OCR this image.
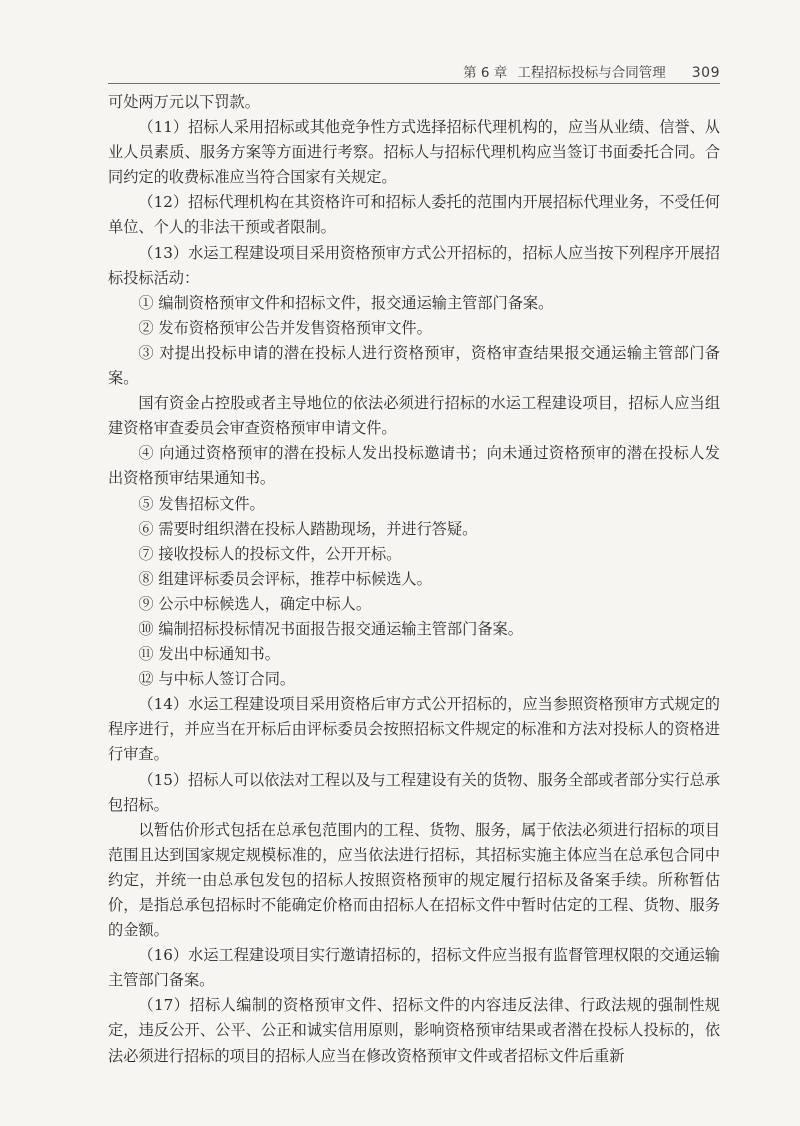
第 6 章 工程招标投标与合同管理 309

可处两万元以下罚款。

（11）招标人采用招标或其他竞争性方式选择招标代理机构的，应当从业绩、信誉、从业人员素质、服务方案等方面进行考察。招标人与招标代理机构应当签订书面委托合同。合同约定的收费标准应当符合国家有关规定。

（12）招标代理机构在其资格许可和招标人委托的范围内开展招标代理业务，不受任何单位、个人的非法干预或者限制。

（13）水运工程建设项目采用资格预审方式公开招标的，招标人应当按下列程序开展招标投标活动：

① 编制资格预审文件和招标文件，报交通运输主管部门备案。

② 发布资格预审公告并发售资格预审文件。

③ 对提出投标申请的潜在投标人进行资格预审，资格审查结果报交通运输主管部门备案。

国有资金占控股或者主导地位的依法必须进行招标的水运工程建设项目，招标人应当组建资格审查委员会审查资格预审申请文件。

④ 向通过资格预审的潜在投标人发出投标邀请书；向未通过资格预审的潜在投标人发出资格预审结果通知书。

⑤ 发售招标文件。

⑥ 需要时组织潜在投标人踏勘现场，并进行答疑。

⑦ 接收投标人的投标文件，公开开标。

⑧ 组建评标委员会评标，推荐中标候选人。

⑨ 公示中标候选人，确定中标人。

⑩ 编制招标投标情况书面报告报交通运输主管部门备案。

⑪ 发出中标通知书。

⑫ 与中标人签订合同。

（14）水运工程建设项目采用资格后审方式公开招标的，应当参照资格预审方式规定的程序进行，并应当在开标后由评标委员会按照招标文件规定的标准和方法对投标人的资格进行审查。

（15）招标人可以依法对工程以及与工程建设有关的货物、服务全部或者部分实行总承包招标。

以暂估价形式包括在总承包范围内的工程、货物、服务，属于依法必须进行招标的项目范围且达到国家规定规模标准的，应当依法进行招标，其招标实施主体应当在总承包合同中约定，并统一由总承包发包的招标人按照资格预审的规定履行招标及备案手续。所称暂估价，是指总承包招标时不能确定价格而由招标人在招标文件中暂时估定的工程、货物、服务的金额。

（16）水运工程建设项目实行邀请招标的，招标文件应当报有监督管理权限的交通运输主管部门备案。

（17）招标人编制的资格预审文件、招标文件的内容违反法律、行政法规的强制性规定，违反公开、公平、公正和诚实信用原则，影响资格预审结果或者潜在投标人投标的，依法必须进行招标的项目的招标人应当在修改资格预审文件或者招标文件后重新
